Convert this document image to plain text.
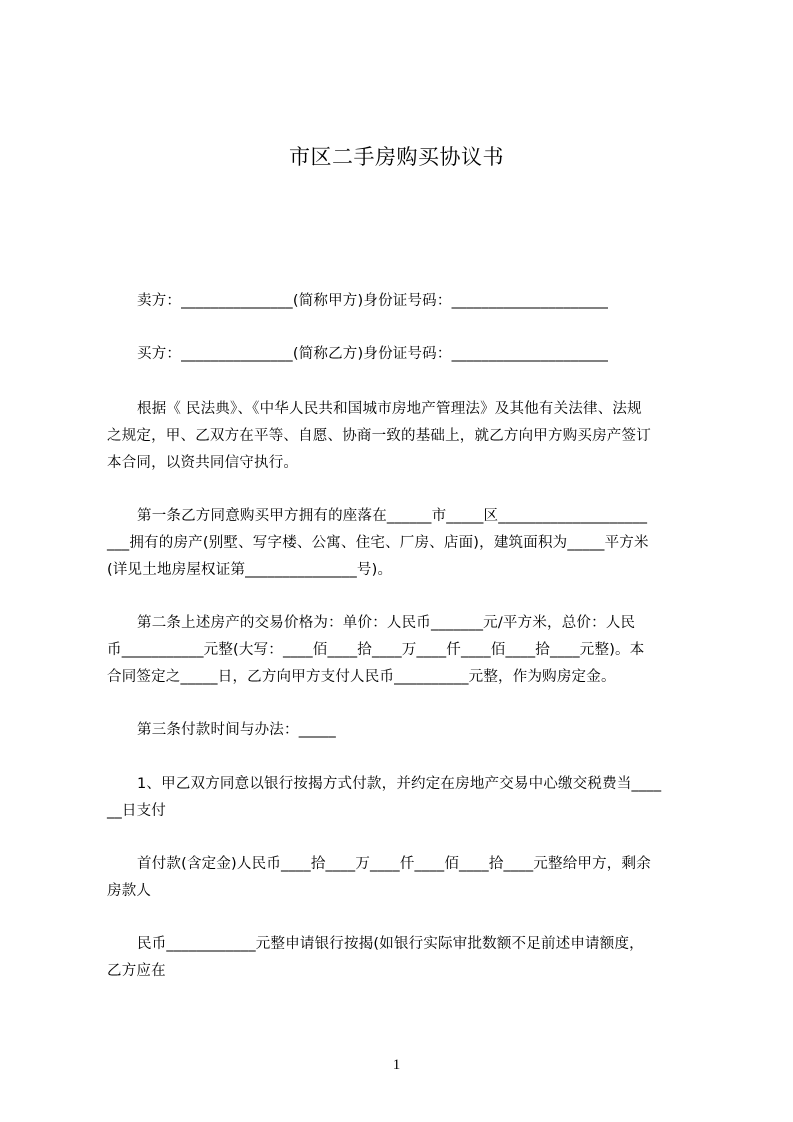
市区二手房购买协议书
卖方：_______________(简称甲方)身份证号码：_____________________
买方：_______________(简称乙方)身份证号码：_____________________
根据《 民法典》、《中华人民共和国城市房地产管理法》及其他有关法律、法规
之规定，甲、乙双方在平等、自愿、协商一致的基础上，就乙方向甲方购买房产签订
本合同，以资共同信守执行。
第一条乙方同意购买甲方拥有的座落在______市_____区____________________
___拥有的房产(别墅、写字楼、公寓、住宅、厂房、店面)，建筑面积为_____平方米
(详见土地房屋权证第_______________号)。
第二条上述房产的交易价格为：单价：人民币_______元/平方米，总价：人民
币___________元整(大写：____佰____拾____万____仟____佰____拾____元整)。本
合同签定之_____日，乙方向甲方支付人民币__________元整，作为购房定金。
第三条付款时间与办法：_____
1、甲乙双方同意以银行按揭方式付款，并约定在房地产交易中心缴交税费当____
__日支付
首付款(含定金)人民币____拾____万____仟____佰____拾____元整给甲方，剩余
房款人
民币____________元整申请银行按揭(如银行实际审批数额不足前述申请额度，
乙方应在
1
